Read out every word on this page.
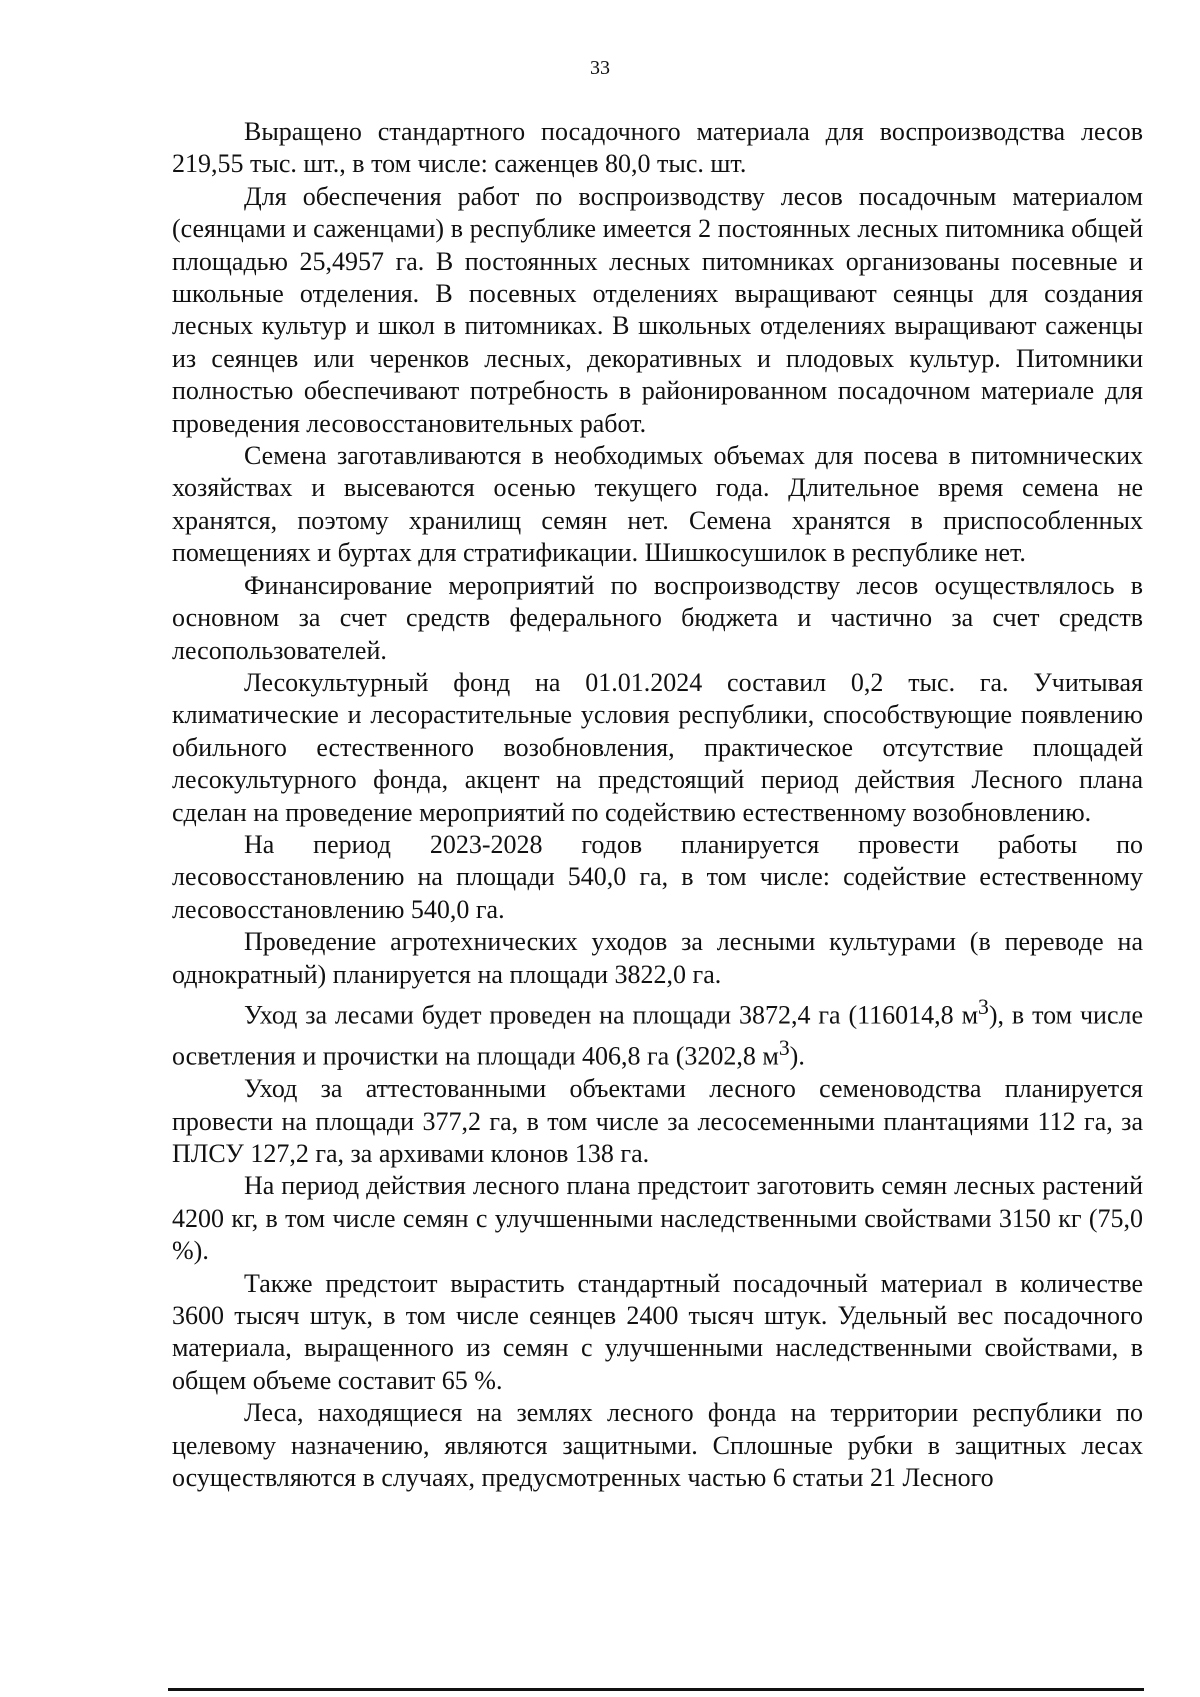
33

Выращено стандартного посадочного материала для воспроизводства лесов 219,55 тыс. шт., в том числе: саженцев 80,0 тыс. шт.

Для обеспечения работ по воспроизводству лесов посадочным материалом (сеянцами и саженцами) в республике имеется 2 постоянных лесных питомника общей площадью 25,4957 га. В постоянных лесных питомниках организованы посевные и школьные отделения. В посевных отделениях выращивают сеянцы для создания лесных культур и школ в питомниках. В школьных отделениях выращивают саженцы из сеянцев или черенков лесных, декоративных и плодовых культур. Питомники полностью обеспечивают потребность в районированном посадочном материале для проведения лесовосстановительных работ.

Семена заготавливаются в необходимых объемах для посева в питомнических хозяйствах и высеваются осенью текущего года. Длительное время семена не хранятся, поэтому хранилищ семян нет. Семена хранятся в приспособленных помещениях и буртах для стратификации. Шишкосушилок в республике нет.

Финансирование мероприятий по воспроизводству лесов осуществлялось в основном за счет средств федерального бюджета и частично за счет средств лесопользователей.

Лесокультурный фонд на 01.01.2024 составил 0,2 тыс. га. Учитывая климатические и лесорастительные условия республики, способствующие появлению обильного естественного возобновления, практическое отсутствие площадей лесокультурного фонда, акцент на предстоящий период действия Лесного плана сделан на проведение мероприятий по содействию естественному возобновлению.

На период 2023-2028 годов планируется провести работы по лесовосстановлению на площади 540,0 га, в том числе: содействие естественному лесовосстановлению 540,0 га.

Проведение агротехнических уходов за лесными культурами (в переводе на однократный) планируется на площади 3822,0 га.

Уход за лесами будет проведен на площади 3872,4 га (116014,8 $м^3$), в том числе осветления и прочистки на площади 406,8 га (3202,8 $м^3$).

Уход за аттестованными объектами лесного семеноводства планируется провести на площади 377,2 га, в том числе за лесосеменными плантациями 112 га, за ПЛСУ 127,2 га, за архивами клонов 138 га.

На период действия лесного плана предстоит заготовить семян лесных растений 4200 кг, в том числе семян с улучшенными наследственными свойствами 3150 кг (75,0 %).

Также предстоит вырастить стандартный посадочный материал в количестве 3600 тысяч штук, в том числе сеянцев 2400 тысяч штук. Удельный вес посадочного материала, выращенного из семян с улучшенными наследственными свойствами, в общем объеме составит 65 %.

Леса, находящиеся на землях лесного фонда на территории республики по целевому назначению, являются защитными. Сплошные рубки в защитных лесах осуществляются в случаях, предусмотренных частью 6 статьи 21 Лесного
